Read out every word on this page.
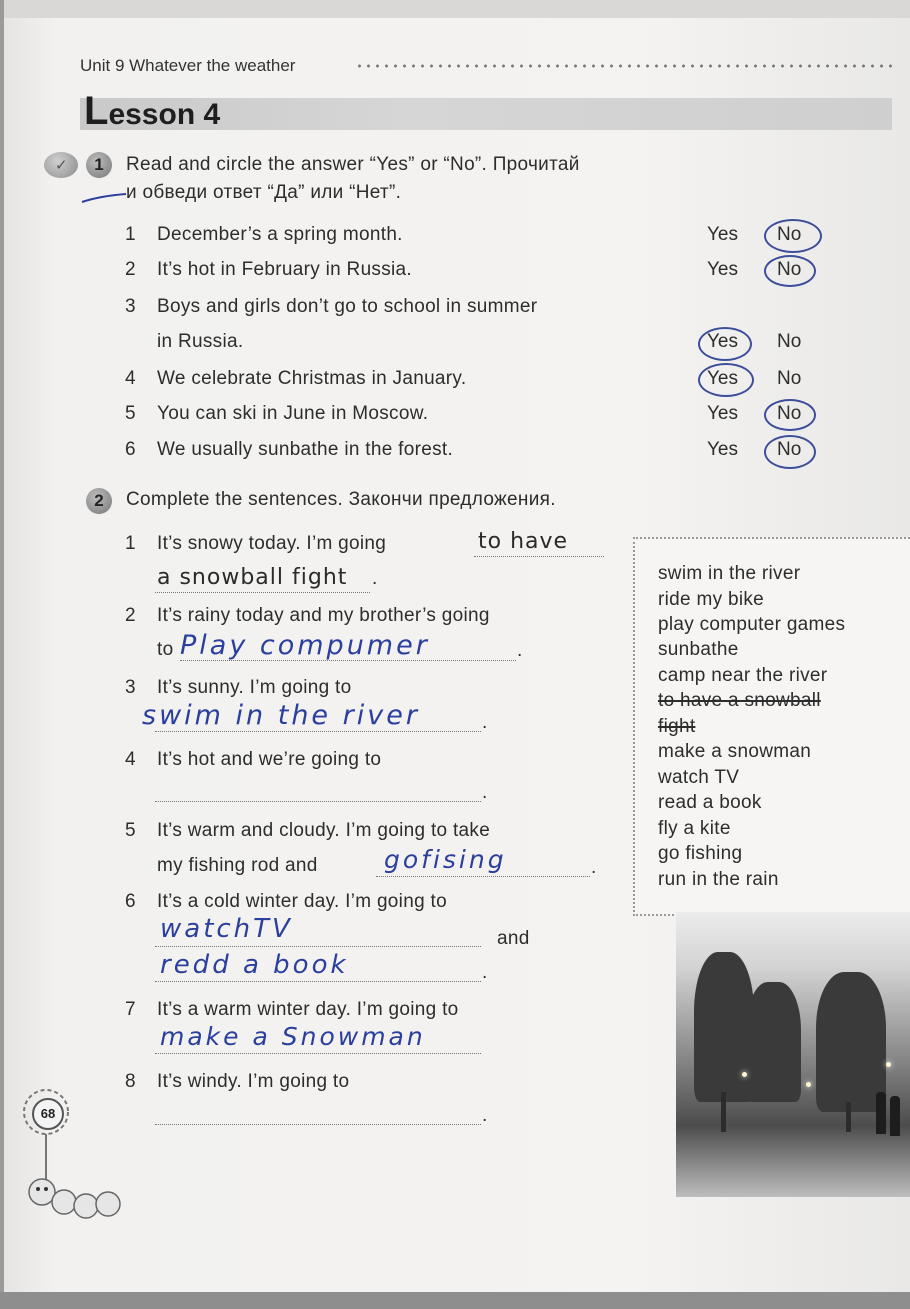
Unit 9 Whatever the weather
Lesson 4
✓	1	Read and circle the answer “Yes” or “No”. Прочитай
и обведи ответ “Да” или “Нет”.
1 December’s a spring month.	Yes No
2 It’s hot in February in Russia.	Yes No
3 Boys and girls don’t go to school in summer
in Russia.	Yes No
4 We celebrate Christmas in January.	Yes No
5 You can ski in June in Moscow.	Yes No
6 We usually sunbathe in the forest.	Yes No
2	Complete the sentences. Закончи предложения.
1 It’s snowy today. I’m going	to have
a snowball fight .
2 It’s rainy today and my brother’s going
to Play compumer	.
3 It’s sunny. I’m going to
swim in the river	.
4 It’s hot and we’re going to
.
5 It’s warm and cloudy. I’m going to take
my fishing rod and	gofising	.
6 It’s a cold winter day. I’m going to
watchTV	and
redd a book	.
7 It’s a warm winter day. I’m going to
make a Snowman
8 It’s windy. I’m going to
.
swim in the river
ride my bike
play computer games
sunbathe
camp near the river
to have a snowball
fight
make a snowman
watch TV
read a book
fly a kite
go fishing
run in the rain
68
